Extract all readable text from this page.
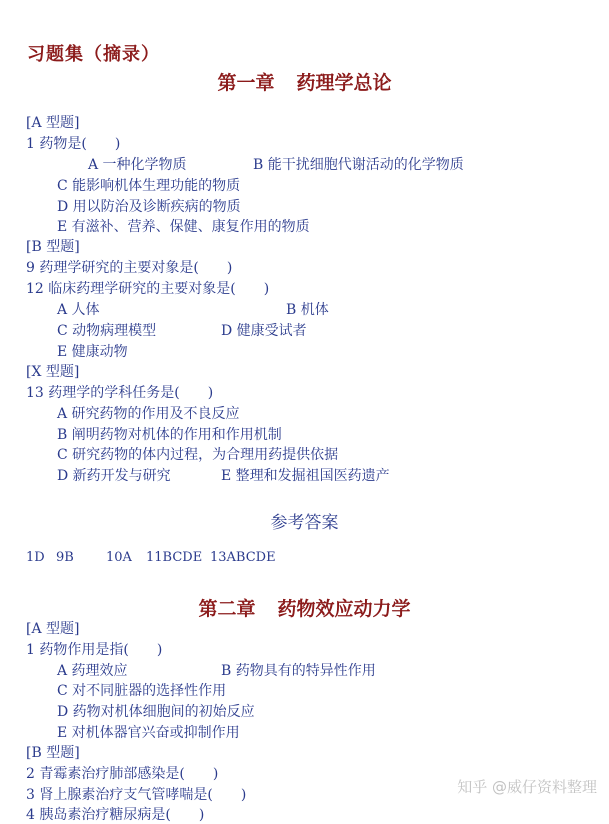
习题集（摘录）
第一章 药理学总论
[A 型题]
1 药物是(　　)
A 一种化学物质	B 能干扰细胞代谢活动的化学物质
C 能影响机体生理功能的物质
D 用以防治及诊断疾病的物质
E 有滋补、营养、保健、康复作用的物质
[B 型题]
9 药理学研究的主要对象是(　　)
12 临床药理学研究的主要对象是(　　)
A 人体	B 机体
C 动物病理模型	D 健康受试者
E 健康动物
[X 型题]
13 药理学的学科任务是(　　)
A 研究药物的作用及不良反应
B 阐明药物对机体的作用和作用机制
C 研究药物的体内过程，为合理用药提供依据
D 新药开发与研究	E 整理和发掘祖国医药遗产
参考答案
1D 9B 10A 11BCDE 13ABCDE
第二章 药物效应动力学
[A 型题]
1 药物作用是指(　　)
A 药理效应	B 药物具有的特异性作用
C 对不同脏器的选择性作用
D 药物对机体细胞间的初始反应
E 对机体器官兴奋或抑制作用
[B 型题]
2 青霉素治疗肺部感染是(　　)
3 肾上腺素治疗支气管哮喘是(　　)
4 胰岛素治疗糖尿病是(　　)
知乎 @威仔资料整理
